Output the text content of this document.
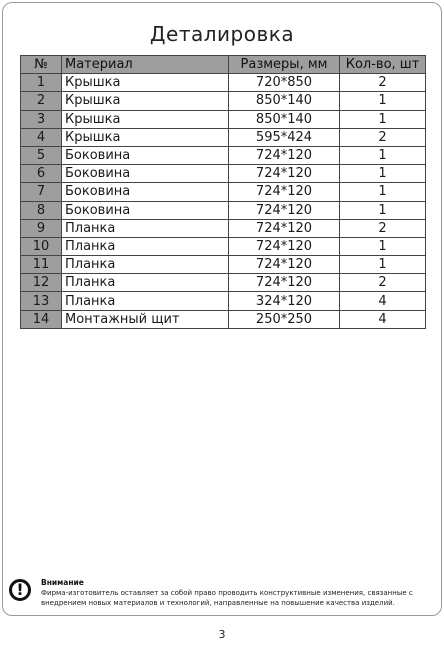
Деталировка
№	Материал	Размеры, мм	Кол-во, шт
1	Крышка	720*850	2
2	Крышка	850*140	1
3	Крышка	850*140	1
4	Крышка	595*424	2
5	Боковина	724*120	1
6	Боковина	724*120	1
7	Боковина	724*120	1
8	Боковина	724*120	1
9	Планка	724*120	2
10	Планка	724*120	1
11	Планка	724*120	1
12	Планка	724*120	2
13	Планка	324*120	4
14	Монтажный щит	250*250	4
!	Внимание
Фирма-изготовитель оставляет за собой право проводить конструктивные изменения, связанные с внедрением новых материалов и технологий, направленные на повышение качества изделий.
3
